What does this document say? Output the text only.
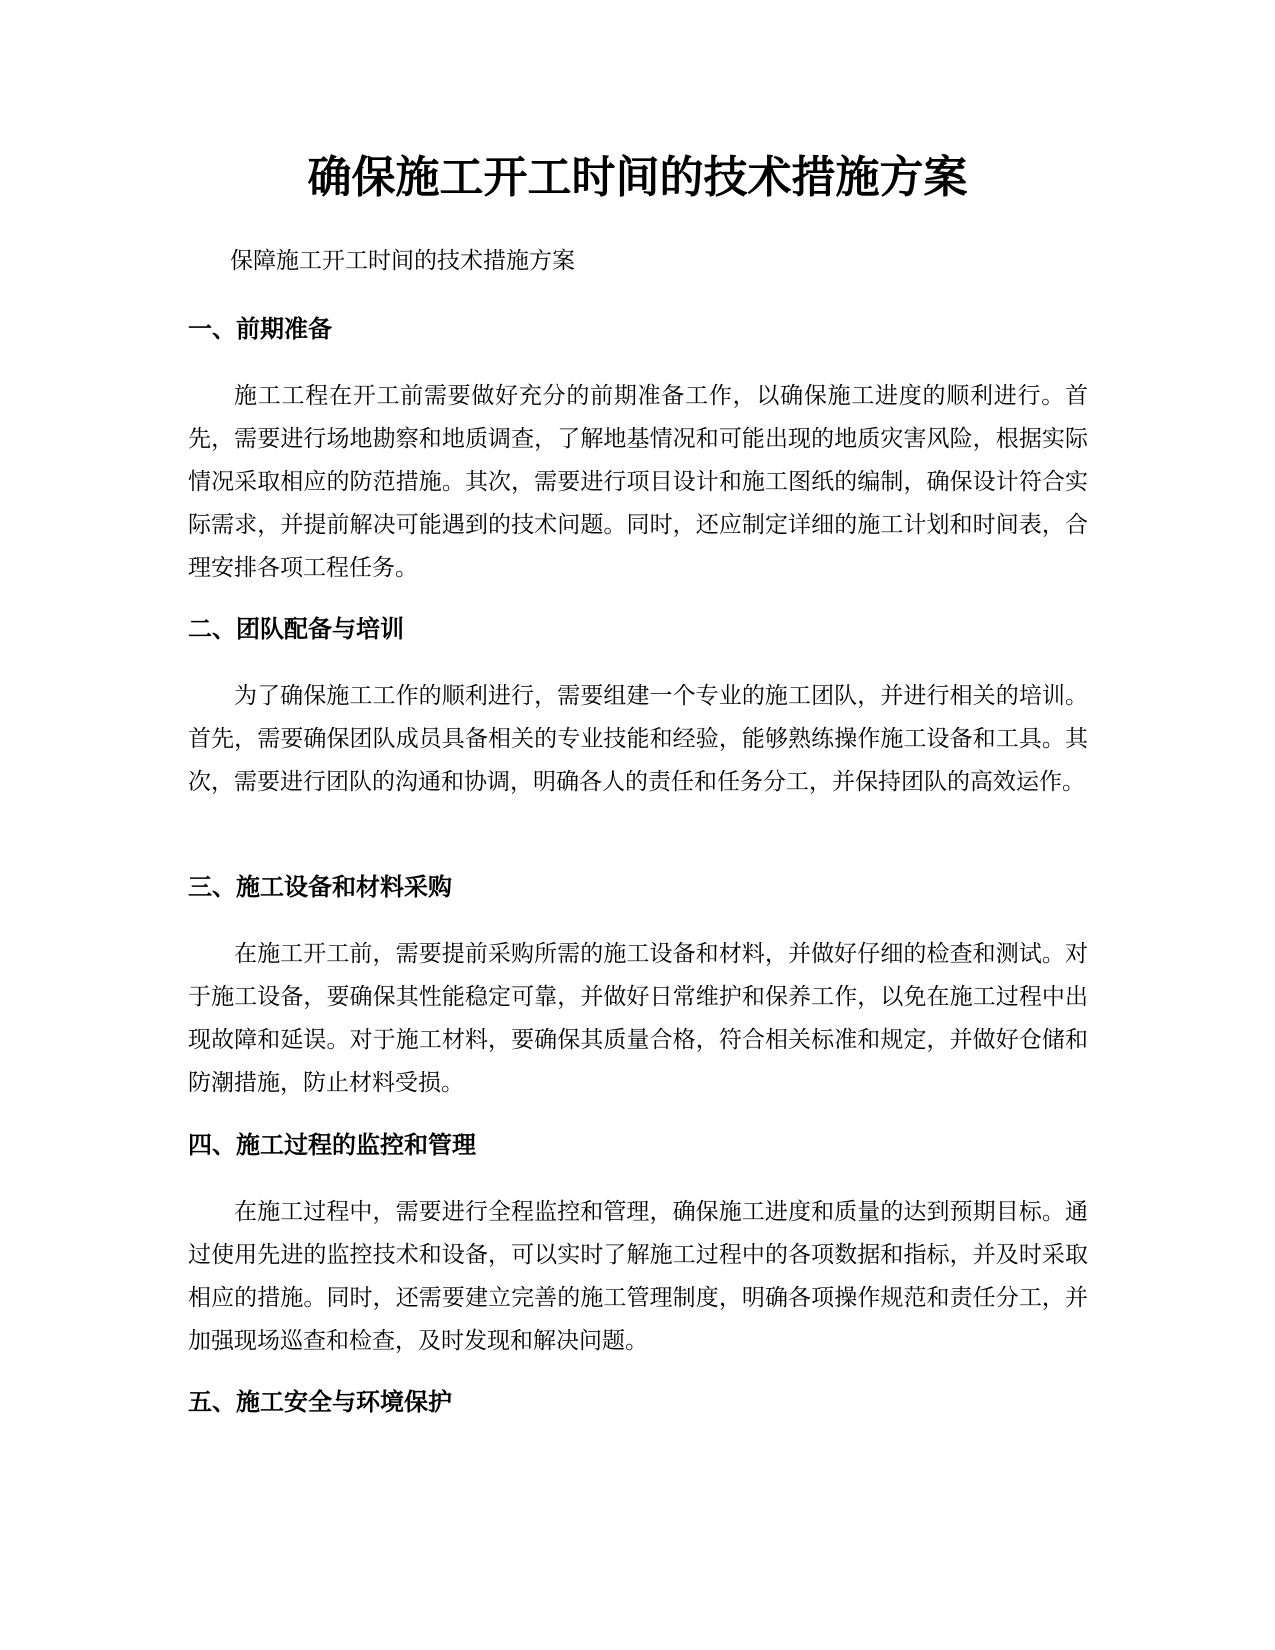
确保施工开工时间的技术措施方案

保障施工开工时间的技术措施方案

一、前期准备

施工工程在开工前需要做好充分的前期准备工作，以确保施工进度的顺利进行。首先，需要进行场地勘察和地质调查，了解地基情况和可能出现的地质灾害风险，根据实际情况采取相应的防范措施。其次，需要进行项目设计和施工图纸的编制，确保设计符合实际需求，并提前解决可能遇到的技术问题。同时，还应制定详细的施工计划和时间表，合理安排各项工程任务。

二、团队配备与培训

为了确保施工工作的顺利进行，需要组建一个专业的施工团队，并进行相关的培训。首先，需要确保团队成员具备相关的专业技能和经验，能够熟练操作施工设备和工具。其次，需要进行团队的沟通和协调，明确各人的责任和任务分工，并保持团队的高效运作。

三、施工设备和材料采购

在施工开工前，需要提前采购所需的施工设备和材料，并做好仔细的检查和测试。对于施工设备，要确保其性能稳定可靠，并做好日常维护和保养工作，以免在施工过程中出现故障和延误。对于施工材料，要确保其质量合格，符合相关标准和规定，并做好仓储和防潮措施，防止材料受损。

四、施工过程的监控和管理

在施工过程中，需要进行全程监控和管理，确保施工进度和质量的达到预期目标。通过使用先进的监控技术和设备，可以实时了解施工过程中的各项数据和指标，并及时采取相应的措施。同时，还需要建立完善的施工管理制度，明确各项操作规范和责任分工，并加强现场巡查和检查，及时发现和解决问题。

五、施工安全与环境保护
